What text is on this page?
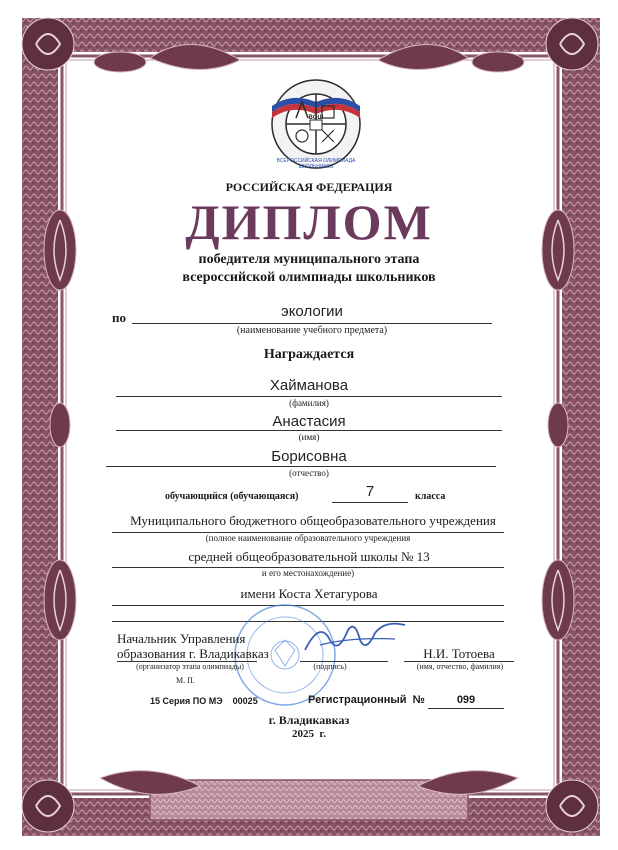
ВСЕРОССИЙСКАЯ ОЛИМПИАДА ШКОЛЬНИКОВ
ВОШ
РОССИЙСКАЯ ФЕДЕРАЦИЯ
ДИПЛОМ
победителя муниципального этапа
всероссийской олимпиады школьников
по	экологии
(наименование учебного предмета)
Награждается
Хайманова
(фамилия)
Анастасия
(имя)
Борисовна
(отчество)
обучающийся (обучающаяся)	7	класса
Муниципального бюджетного общеобразовательного учреждения
(полное наименование образовательного учреждения
средней общеобразовательной школы № 13
и его местонахождение)
имени Коста Хетагурова
Начальник Управления
образования г. Владикавказ
(организатор этапа олимпиады)	(подпись)
Н.И. Тотоева
(имя, отчество, фамилия)
М. П.
15 Серия ПО МЭ    00025	Регистрационный  №	099
г. Владикавказ
2025  г.
